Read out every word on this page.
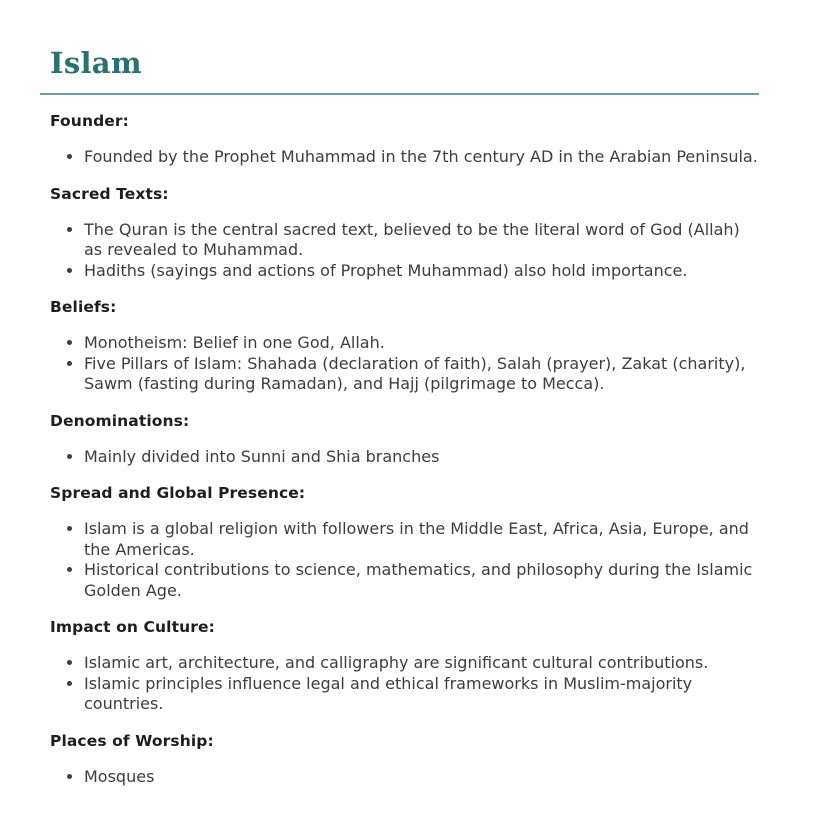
Islam
Founder:
• Founded by the Prophet Muhammad in the 7th century AD in the Arabian Peninsula.
Sacred Texts:
• The Quran is the central sacred text, believed to be the literal word of God (Allah) as revealed to Muhammad.
• Hadiths (sayings and actions of Prophet Muhammad) also hold importance.
Beliefs:
• Monotheism: Belief in one God, Allah.
• Five Pillars of Islam: Shahada (declaration of faith), Salah (prayer), Zakat (charity), Sawm (fasting during Ramadan), and Hajj (pilgrimage to Mecca).
Denominations:
• Mainly divided into Sunni and Shia branches
Spread and Global Presence:
• Islam is a global religion with followers in the Middle East, Africa, Asia, Europe, and the Americas.
• Historical contributions to science, mathematics, and philosophy during the Islamic Golden Age.
Impact on Culture:
• Islamic art, architecture, and calligraphy are significant cultural contributions.
• Islamic principles influence legal and ethical frameworks in Muslim-majority countries.
Places of Worship:
• Mosques
